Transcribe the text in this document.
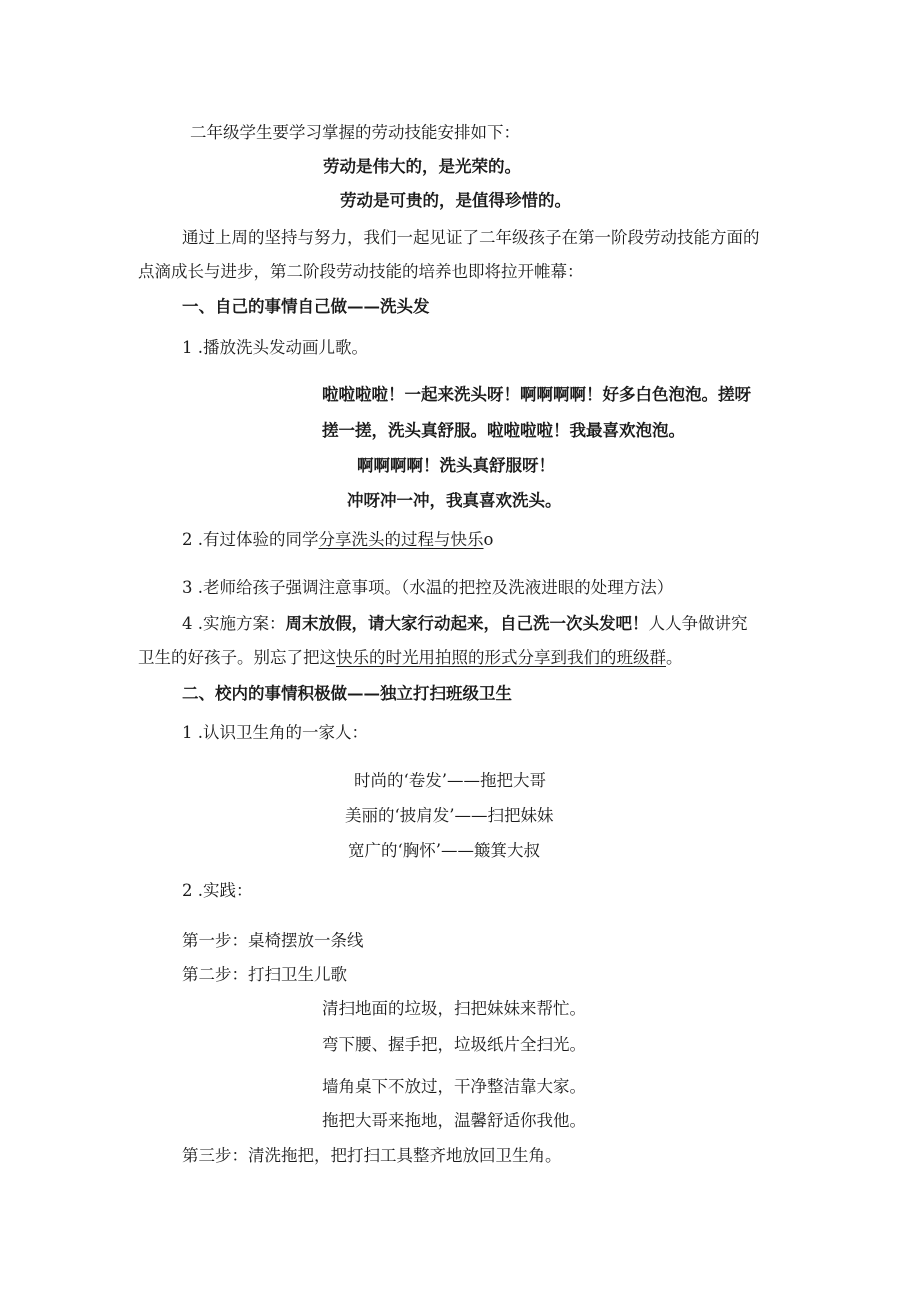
二年级学生要学习掌握的劳动技能安排如下：
劳动是伟大的，是光荣的。
劳动是可贵的，是值得珍惜的。
通过上周的坚持与努力，我们一起见证了二年级孩子在第一阶段劳动技能方面的
点滴成长与进步，第二阶段劳动技能的培养也即将拉开帷幕：
一、自己的事情自己做——洗头发
1 .播放洗头发动画儿歌。
啦啦啦啦！一起来洗头呀！啊啊啊啊！好多白色泡泡。搓呀
搓一搓，洗头真舒服。啦啦啦啦！我最喜欢泡泡。
啊啊啊啊！洗头真舒服呀！
冲呀冲一冲，我真喜欢洗头。
2 .有过体验的同学分享洗头的过程与快乐o
3 .老师给孩子强调注意事项。（水温的把控及洗液进眼的处理方法）
4 .实施方案：周末放假，请大家行动起来，自己洗一次头发吧！人人争做讲究
卫生的好孩子。别忘了把这快乐的时光用拍照的形式分享到我们的班级群。
二、校内的事情积极做——独立打扫班级卫生
1 .认识卫生角的一家人：
时尚的‘卷发’——拖把大哥
美丽的‘披肩发’——扫把妹妹
宽广的‘胸怀’——簸箕大叔
2 .实践：
第一步：桌椅摆放一条线
第二步：打扫卫生儿歌
清扫地面的垃圾，扫把妹妹来帮忙。
弯下腰、握手把，垃圾纸片全扫光。
墙角桌下不放过，干净整洁靠大家。
拖把大哥来拖地，温馨舒适你我他。
第三步：清洗拖把，把打扫工具整齐地放回卫生角。
